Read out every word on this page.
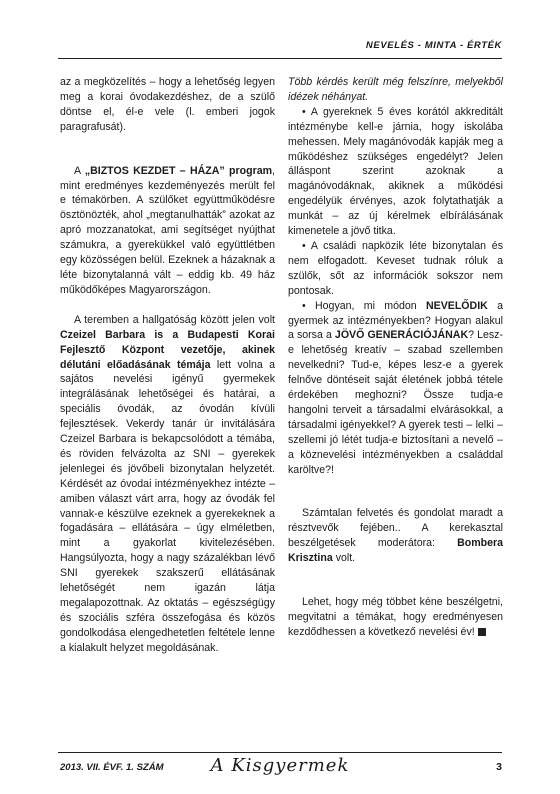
NEVELÉS - MINTA - ÉRTÉK

az a megközelítés – hogy a lehetőség legyen meg a korai óvodakezdéshez, de a szülő döntse el, él-e vele (l. emberi jogok paragrafusát).

A „BIZTOS KEZDET – HÁZA” program, mint eredményes kezdeményezés merült fel e témakörben. A szülőket együttműködésre ösztönözték, ahol „megtanulhatták” azokat az apró mozzanatokat, ami segítséget nyújthat számukra, a gyerekükkel való együttlétben egy közösségen belül. Ezeknek a házaknak a léte bizonytalanná vált – eddig kb. 49 ház működőképes Magyarországon.

A teremben a hallgatóság között jelen volt Czeizel Barbara is a Budapesti Korai Fejlesztő Központ vezetője, akinek délutáni előadásának témája lett volna a sajátos nevelési igényű gyermekek integrálásának lehetőségei és határai, a speciális óvodák, az óvodán kívüli fejlesztések. Vekerdy tanár úr invitálására Czeizel Barbara is bekapcsolódott a témába, és röviden felvázolta az SNI – gyerekek jelenlegei és jövőbeli bizonytalan helyzetét. Kérdését az óvodai intézményekhez intézte – amiben választ várt arra, hogy az óvodák fel vannak-e készülve ezeknek a gyerekeknek a fogadására – ellátására – úgy elméletben, mint a gyakorlat kivitelezésében. Hangsúlyozta, hogy a nagy százalékban lévő SNI gyerekek szakszerű ellátásának lehetőségét nem igazán látja megalapozottnak. Az oktatás – egészségügy és szociális szféra összefogása és közös gondolkodása elengedhetetlen feltétele lenne a kialakult helyzet megoldásának.

Több kérdés került még felszínre, melyekből idézek néhányat.

• A gyereknek 5 éves korától akkreditált intézménybe kell-e járnia, hogy iskolába mehessen. Mely magánóvodák kapják meg a működéshez szükséges engedélyt? Jelen álláspont szerint azoknak a magánóvodáknak, akiknek a működési engedélyük érvényes, azok folytathatják a munkát – az új kérelmek elbírálásának kimenetele a jövő titka.

• A családi napközik léte bizonytalan és nem elfogadott. Keveset tudnak róluk a szülők, sőt az információk sokszor nem pontosak.

• Hogyan, mi módon NEVELŐDIK a gyermek az intézményekben? Hogyan alakul a sorsa a JÖVŐ GENERÁCIÓJÁNAK? Lesz-e lehetőség kreatív – szabad szellemben nevelkedni? Tud-e, képes lesz-e a gyerek felnőve döntéseit saját életének jobbá tétele érdekében meghozni? Össze tudja-e hangolni terveit a társadalmi elvárásokkal, a társadalmi igényekkel? A gyerek testi – lelki – szellemi jó létét tudja-e biztosítani a nevelő – a köznevelési intézményekben a családdal karöltve?!

Számtalan felvetés és gondolat maradt a résztvevők fejében.. A kerekasztal beszélgetések moderátora: Bombera Krisztina volt.

Lehet, hogy még többet kéne beszélgetni, megvitatni a témákat, hogy eredményesen kezdődhessen a következő nevelési év!

2013. VII. ÉVF. 1. SZÁM	A Kisgyermek	3
